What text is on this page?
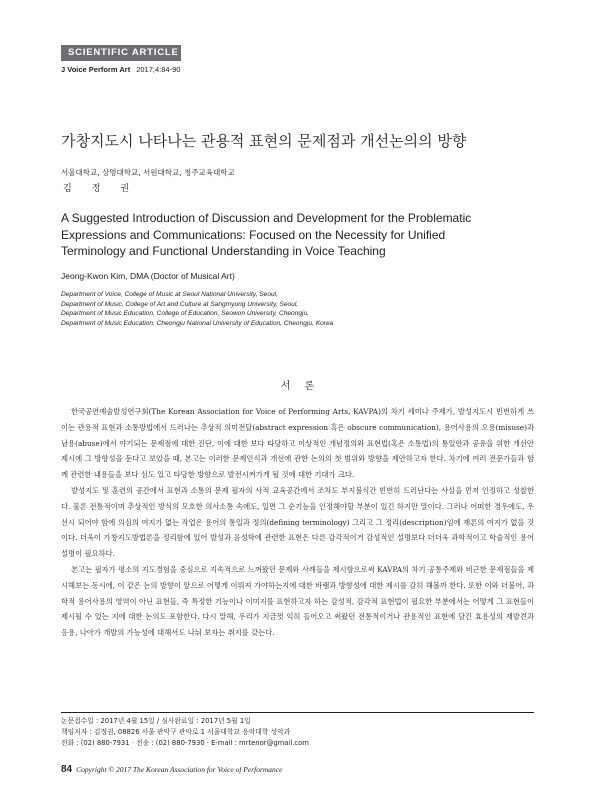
SCIENTIFIC ARTICLE
J Voice Perform Art 2017;4:84-90
가창지도시 나타나는 관용적 표현의 문제점과 개선논의의 방향
서울대학교, 상명대학교, 서원대학교, 청주교육대학교
김정권
A Suggested Introduction of Discussion and Development for the Problematic
Expressions and Communications: Focused on the Necessity for Unified
Terminology and Functional Understanding in Voice Teaching
Jeong-Kwon Kim, DMA (Doctor of Musical Art)
Department of Voice, College of Music at Seoul National University, Seoul,
Department of Music, College of Art and Culture at Sangmyung University, Seoul,
Department of Music Education, College of Education, Seowon University, Cheongju,
Department of Music Education, Cheongju National University of Education, Cheongju, Korea
서론

한국공연예술발성연구회(The Korean Association for Voice of Performing Arts, KAVPA)의 차기 세미나 주제가, 발성지도시 빈번하게 쓰이는 관용적 표현과 소통방법에서 드러나는 추상적 의미전달(abstract expression 혹은 obscure communication), 용어사용의 오용(misuse)과 남용(abuse)에서 야기되는 문제점에 대한 진단, 이에 대한 보다 타당하고 이상적인 개념정의와 표현법(혹은 소통법)의 통일안과 공유을 위한 개선안 제시에 그 방향성을 둔다고 보았을 때, 본고는 이러한 문제인식과 개선에 관한 논의의 첫 범위와 방향을 제안하고자 한다. 차기에 여러 전문가들과 함께 관련한 내용들을 보다 심도 있고 타당한 방향으로 발전시켜가게 될 것에 대한 기대가 크다.

발성지도 및 훈련의 공간에서 표현과 소통의 문제 필자의 사적 교육공간에서 조차도 부지불식간 빈번히 드러난다는 사실을 먼저 인정하고 성찰한다. 물론 전통적이며 추상적인 방식의 모호한 의사소통 속에도, 일면 그 순기능을 인정해야할 부분이 있긴 하지만 말이다. 그러나 어떠한 경우에도, 우선시 되어야 함에 의심의 여지가 없는 작업은 용어의 통일과 정의(defining terminology) 그리고 그 정리(description)임에 재론의 여지가 없을 것이다. 더욱이 가창지도방법론을 정리함에 있어 발성과 음성학에 관련한 표현은 다른 감각적이거 감성적인 설명보다 더더욱 과학적이고 학술적인 용어설명이 필요하다.

본고는 필자가 평소의 지도경험을 중심으로 지속적으로 느껴왔던 문제와 사례들을 제시함으로써 KAVPA의 차기 공통주제와 비근한 문제점들을 제시해보는 동시에, 이 같은 논의 방향이 앞으로 어떻게 이뤄져 가야하는지에 대한 바램과 방향성에 대한 제시를 감히 해볼까 한다. 또한 이와 더불어, 과학적 용어사용의 영역이 아닌 표현들, 즉 특정한 기능이나 이미지를 표현하고자 하는 감성적, 감각적 표현법이 필요한 부분에서는 어떻게 그 표현들이 제시될 수 있는 지에 대한 논의도 포함한다. 다시 말해, 우리가 지금껏 익히 들어오고 써왔던 전통적이거나 관용적인 표현에 담긴 효용성의 재발견과 응용, 나아가 개발의 가능성에 대해서도 나눠 보자는 취지를 갖는다.

논문접수일 : 2017년 4월 15일 / 심사완료일 : 2017년 5월 1일
책임저자 : 김정권, 08826 서울 관악구 관악로 1 서울대학교 음악대학 성악과
전화 : (02) 880-7931 · 전송 : (02) 880-7930 · E-mail : mrtenor@gmail.com
84 Copyright © 2017 The Korean Association for Voice of Performance
